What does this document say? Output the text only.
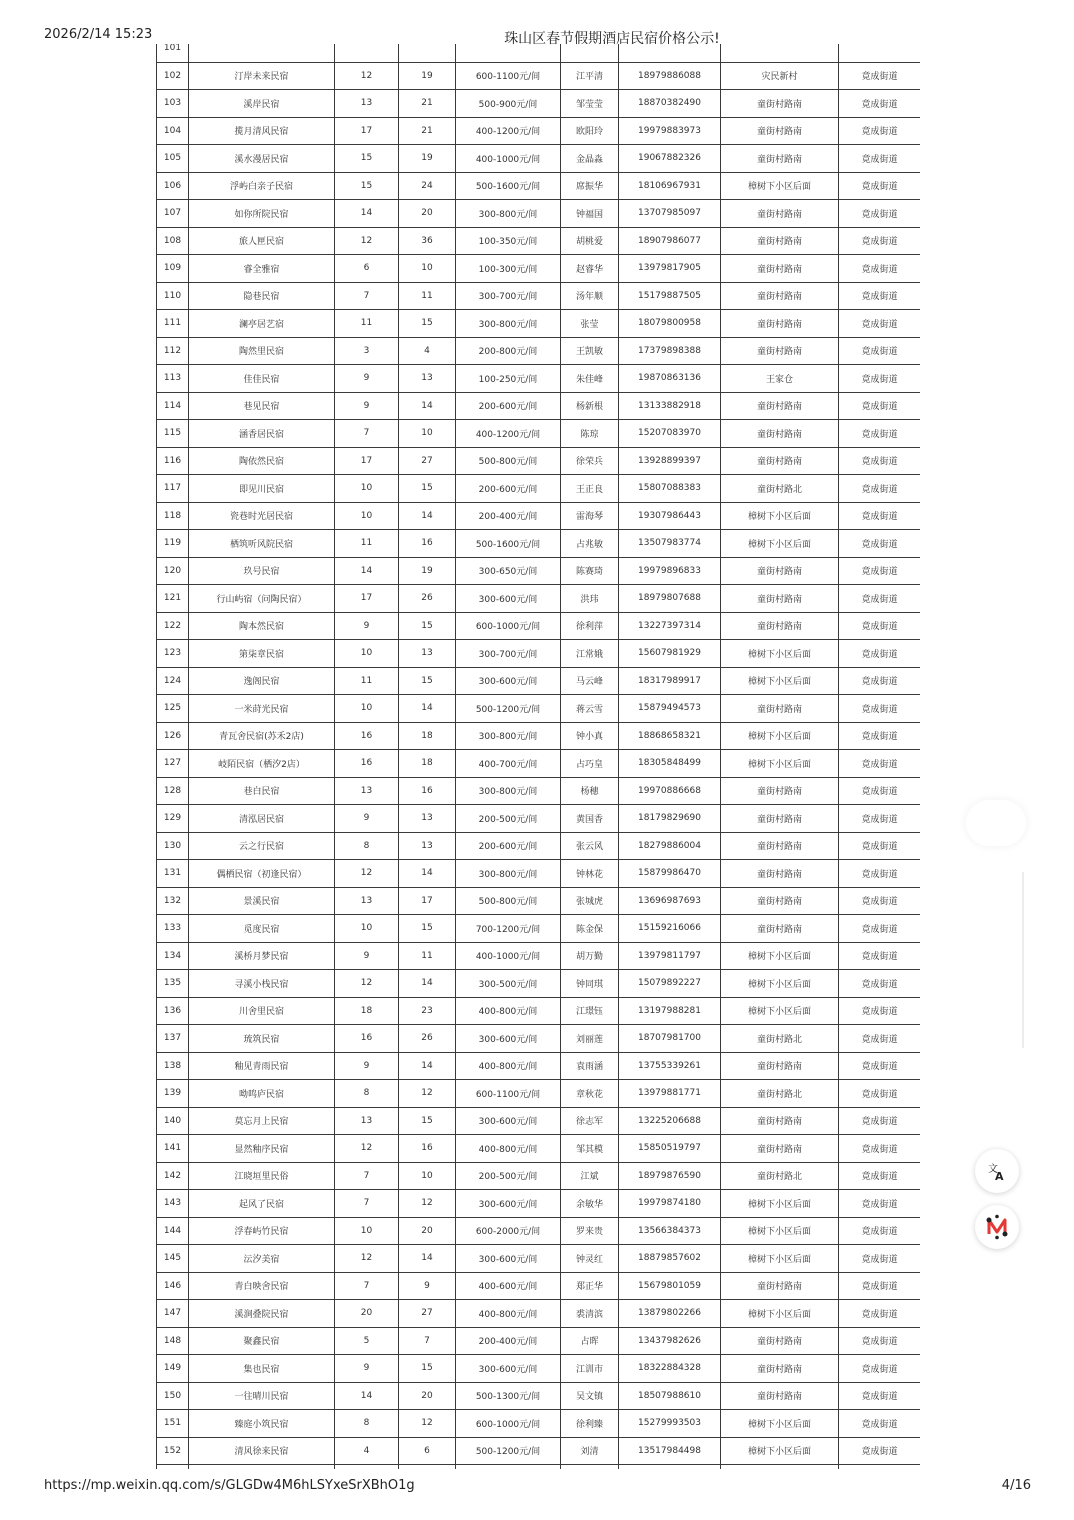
2026/2/14 15:23	珠山区春节假期酒店民宿价格公示!
101								
102	汀岸未来民宿	12	19	600-1100元/间	江平清	18979886088	灾民新村	竟成街道
103	溪岸民宿	13	21	500-900元/间	邹莹莹	18870382490	童街村路南	竟成街道
104	揽月清风民宿	17	21	400-1200元/间	欧阳玲	19979883973	童街村路南	竟成街道
105	溪水漫居民宿	15	19	400-1000元/间	金晶淼	19067882326	童街村路南	竟成街道
106	浮屿白亲子民宿	15	24	500-1600元/间	席振华	18106967931	樟树下小区后面	竟成街道
107	如你所院民宿	14	20	300-800元/间	钟福国	13707985097	童街村路南	竟成街道
108	旅人匣民宿	12	36	100-350元/间	胡桃爱	18907986077	童街村路南	竟成街道
109	睿全雅宿	6	10	100-300元/间	赵睿华	13979817905	童街村路南	竟成街道
110	隐巷民宿	7	11	300-700元/间	汤年顺	15179887505	童街村路南	竟成街道
111	澜亭居艺宿	11	15	300-800元/间	张莹	18079800958	童街村路南	竟成街道
112	陶然里民宿	3	4	200-800元/间	王凯敏	17379898388	童街村路南	竟成街道
113	佳佳民宿	9	13	100-250元/间	朱佳峰	19870863136	王家仓	竟成街道
114	巷见民宿	9	14	200-600元/间	杨新根	13133882918	童街村路南	竟成街道
115	涵香居民宿	7	10	400-1200元/间	陈琼	15207083970	童街村路南	竟成街道
116	陶依然民宿	17	27	500-800元/间	徐荣兵	13928899397	童街村路南	竟成街道
117	即见川民宿	10	15	200-600元/间	王正良	15807088383	童街村路北	竟成街道
118	瓷巷时光居民宿	10	14	200-400元/间	雷海琴	19307986443	樟树下小区后面	竟成街道
119	栖筑听风院民宿	11	16	500-1600元/间	占兆敏	13507983774	樟树下小区后面	竟成街道
120	玖号民宿	14	19	300-650元/间	陈赛琦	19979896833	童街村路南	竟成街道
121	行山屿宿（问陶民宿）	17	26	300-600元/间	洪玮	18979807688	童街村路南	竟成街道
122	陶本然民宿	9	15	600-1000元/间	徐利萍	13227397314	童街村路南	竟成街道
123	第柒章民宿	10	13	300-700元/间	江常娥	15607981929	樟树下小区后面	竟成街道
124	逸阁民宿	11	15	300-600元/间	马云峰	18317989917	樟树下小区后面	竟成街道
125	一米莳光民宿	10	14	500-1200元/间	蒋云雪	15879494573	童街村路南	竟成街道
126	青瓦舍民宿(苏禾2店)	16	18	300-800元/间	钟小真	18868658321	樟树下小区后面	竟成街道
127	岐陌民宿（栖汐2店）	16	18	400-700元/间	占巧皇	18305848499	樟树下小区后面	竟成街道
128	巷白民宿	13	16	300-800元/间	杨穗	19970886668	童街村路南	竟成街道
129	清泓居民宿	9	13	200-500元/间	黄国香	18179829690	童街村路南	竟成街道
130	云之行民宿	8	13	200-600元/间	张云风	18279886004	童街村路南	竟成街道
131	偶栖民宿（初逢民宿）	12	14	300-800元/间	钟林花	15879986470	童街村路南	竟成街道
132	景溪民宿	13	17	500-800元/间	张城虎	13696987693	童街村路南	竟成街道
133	觅度民宿	10	15	700-1200元/间	陈金保	15159216066	童街村路南	竟成街道
134	溪桥月梦民宿	9	11	400-1000元/间	胡万勤	13979811797	樟树下小区后面	竟成街道
135	寻溪小栈民宿	12	14	300-500元/间	钟同琪	15079892227	樟树下小区后面	竟成街道
136	川舍里民宿	18	23	400-800元/间	江璟钰	13197988281	樟树下小区后面	竟成街道
137	琉筑民宿	16	26	300-600元/间	刘丽莲	18707981700	童街村路北	竟成街道
138	釉见青雨民宿	9	14	400-800元/间	袁雨涵	13755339261	童街村路南	竟成街道
139	呦鸣庐民宿	8	12	600-1100元/间	章秋花	13979881771	童街村路北	竟成街道
140	莫忘月上民宿	13	15	300-600元/间	徐志军	13225206688	童街村路南	竟成街道
141	显然釉序民宿	12	16	400-800元/间	邹其模	15850519797	童街村路南	竟成街道
142	江晓垣里民俗	7	10	200-500元/间	江斌	18979876590	童街村路北	竟成街道
143	起风了民宿	7	12	300-600元/间	余敏华	19979874180	樟树下小区后面	竟成街道
144	浮春屿竹民宿	10	20	600-2000元/间	罗来贵	13566384373	樟树下小区后面	竟成街道
145	沄汐美宿	12	14	300-600元/间	钟灵红	18879857602	樟树下小区后面	竟成街道
146	青白映舍民宿	7	9	400-600元/间	郑正华	15679801059	童街村路南	竟成街道
147	溪涧叠院民宿	20	27	400-800元/间	裘清滨	13879802266	樟树下小区后面	竟成街道
148	聚鑫民宿	5	7	200-400元/间	占晖	13437982626	童街村路南	竟成街道
149	集也民宿	9	15	300-600元/间	江训市	18322884328	童街村路南	竟成街道
150	一往晴川民宿	14	20	500-1300元/间	吴文镇	18507988610	童街村路南	竟成街道
151	臻庭小筑民宿	8	12	600-1000元/间	徐利臻	15279993503	樟树下小区后面	竟成街道
152	清风徐来民宿	4	6	500-1200元/间	刘清	13517984498	樟树下小区后面	竟成街道

文
A
https://mp.weixin.qq.com/s/GLGDw4M6hLSYxeSrXBhO1g	4/16
